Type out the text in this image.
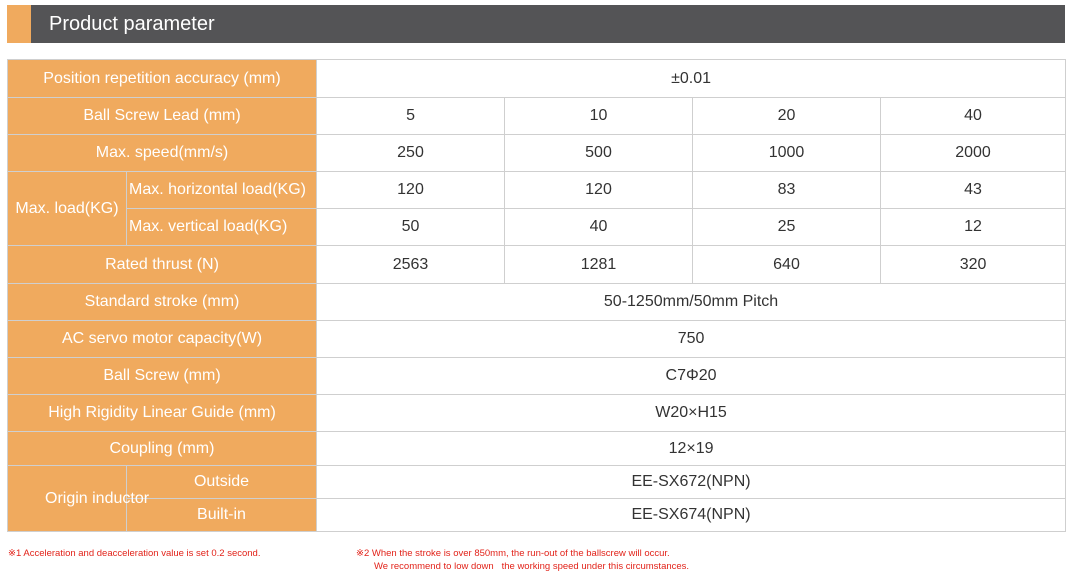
Product parameter
Position repetition accuracy (mm)		±0.01			
Ball Screw Lead (mm)		5	10	20	40
Max. speed(mm/s)		250	500	1000	2000
Max. load(KG)	Max. horizontal load(KG)	120	120	83	43
	Max. vertical load(KG)	50	40	25	12
Rated thrust (N)		2563	1281	640	320
Standard stroke (mm)		50-1250mm/50mm Pitch			
AC servo motor capacity(W)		750			
Ball Screw (mm)		C7Φ20			
High Rigidity Linear Guide (mm)		W20×H15			
Coupling (mm)		12×19			
Origin inductor	Outside	EE-SX672(NPN)			
	Built-in	EE-SX674(NPN)			
※1 Acceleration and deacceleration value is set 0.2 second.	※2 When the stroke is over 850mm, the run-out of the ballscrew will occur.
We recommend to low down   the working speed under this circumstances.
